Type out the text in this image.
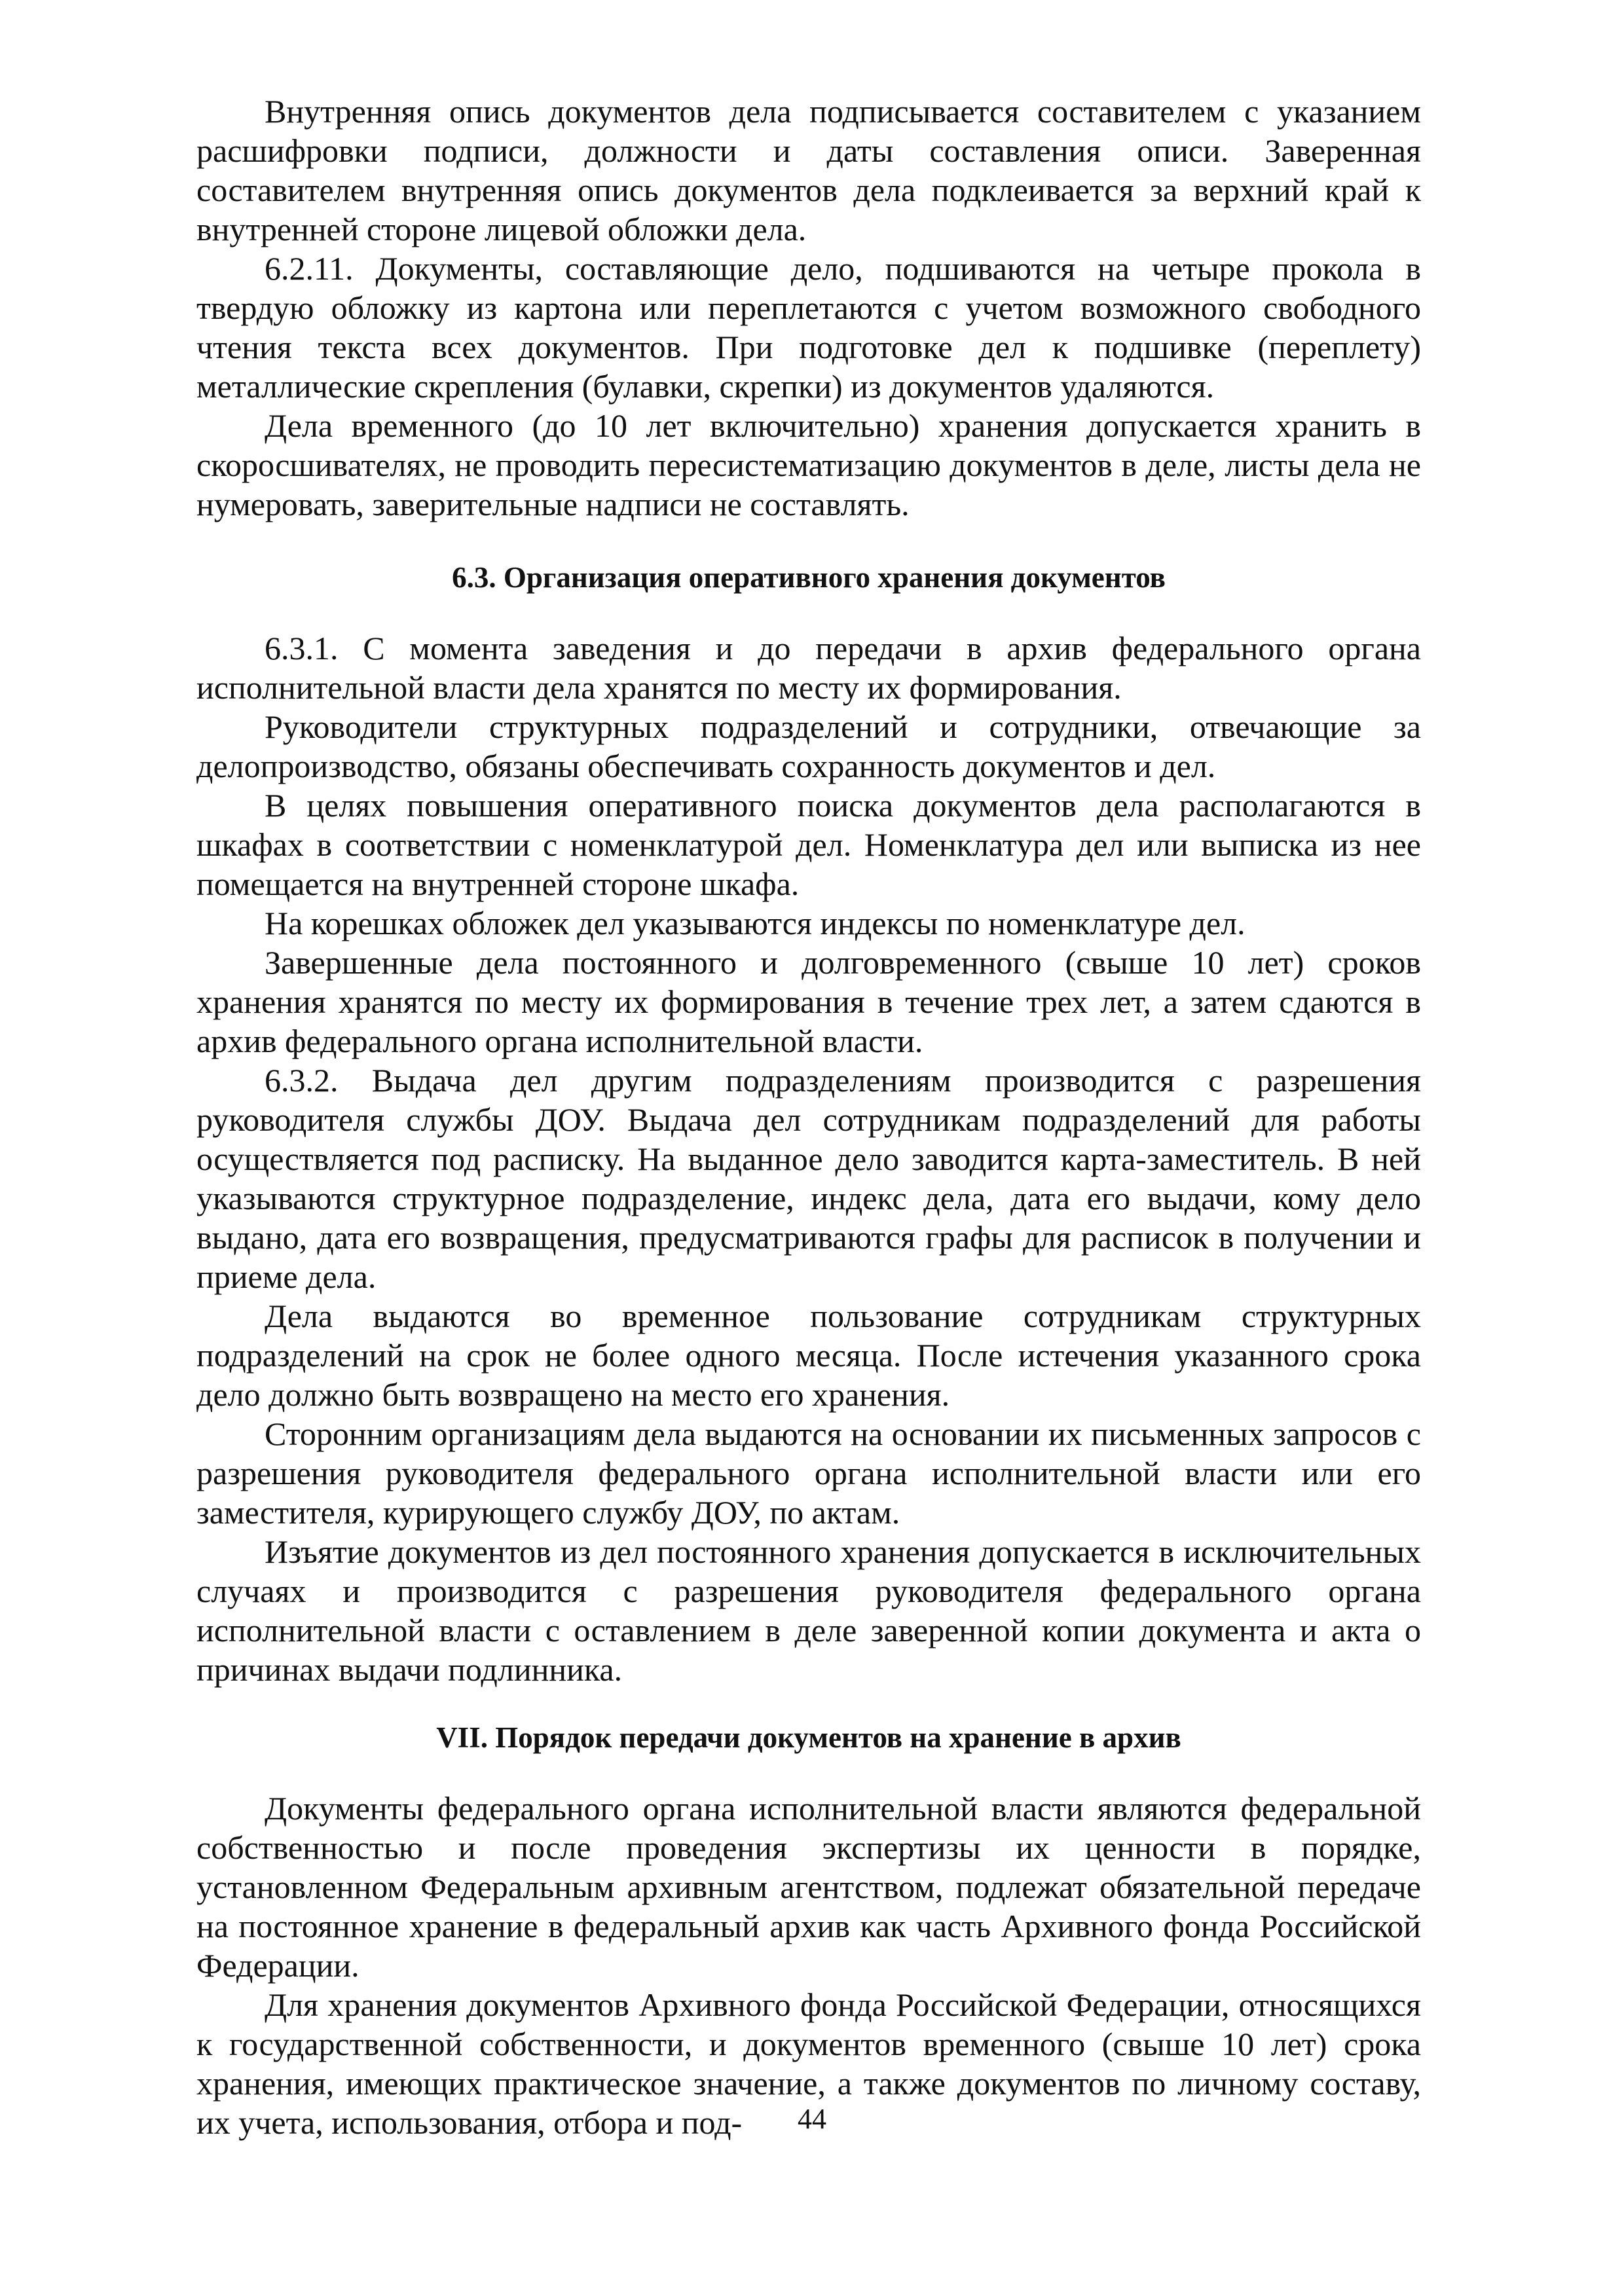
Внутренняя опись документов дела подписывается составителем с указанием расшифровки подписи, должности и даты составления описи. Заверенная составителем внутренняя опись документов дела подклеивается за верхний край к внутренней стороне лицевой обложки дела.

6.2.11. Документы, составляющие дело, подшиваются на четыре прокола в твердую обложку из картона или переплетаются с учетом возможного свободного чтения текста всех документов. При подготовке дел к подшивке (переплету) металлические скрепления (булавки, скрепки) из документов удаляются.

Дела временного (до 10 лет включительно) хранения допускается хранить в скоросшивателях, не проводить пересистематизацию документов в деле, листы дела не нумеровать, заверительные надписи не составлять.

6.3. Организация оперативного хранения документов

6.3.1. С момента заведения и до передачи в архив федерального органа исполнительной власти дела хранятся по месту их формирования.

Руководители структурных подразделений и сотрудники, отвечающие за делопроизводство, обязаны обеспечивать сохранность документов и дел.

В целях повышения оперативного поиска документов дела располагаются в шкафах в соответствии с номенклатурой дел. Номенклатура дел или выписка из нее помещается на внутренней стороне шкафа.

На корешках обложек дел указываются индексы по номенклатуре дел.

Завершенные дела постоянного и долговременного (свыше 10 лет) сроков хранения хранятся по месту их формирования в течение трех лет, а затем сдаются в архив федерального органа исполнительной власти.

6.3.2. Выдача дел другим подразделениям производится с разрешения руководителя службы ДОУ. Выдача дел сотрудникам подразделений для работы осуществляется под расписку. На выданное дело заводится карта-заместитель. В ней указываются структурное подразделение, индекс дела, дата его выдачи, кому дело выдано, дата его возвращения, предусматриваются графы для расписок в получении и приеме дела.

Дела выдаются во временное пользование сотрудникам структурных подразделений на срок не более одного месяца. После истечения указанного срока дело должно быть возвращено на место его хранения.

Сторонним организациям дела выдаются на основании их письменных запросов с разрешения руководителя федерального органа исполнительной власти или его заместителя, курирующего службу ДОУ, по актам.

Изъятие документов из дел постоянного хранения допускается в исключительных случаях и производится с разрешения руководителя федерального органа исполнительной власти с оставлением в деле заверенной копии документа и акта о причинах выдачи подлинника.

VII. Порядок передачи документов на хранение в архив

Документы федерального органа исполнительной власти являются федеральной собственностью и после проведения экспертизы их ценности в порядке, установленном Федеральным архивным агентством, подлежат обязательной передаче на постоянное хранение в федеральный архив как часть Архивного фонда Российской Федерации.

Для хранения документов Архивного фонда Российской Федерации, относящихся к государственной собственности, и документов временного (свыше 10 лет) срока хранения, имеющих практическое значение, а также документов по личному составу, их учета, использования, отбора и под-	44
